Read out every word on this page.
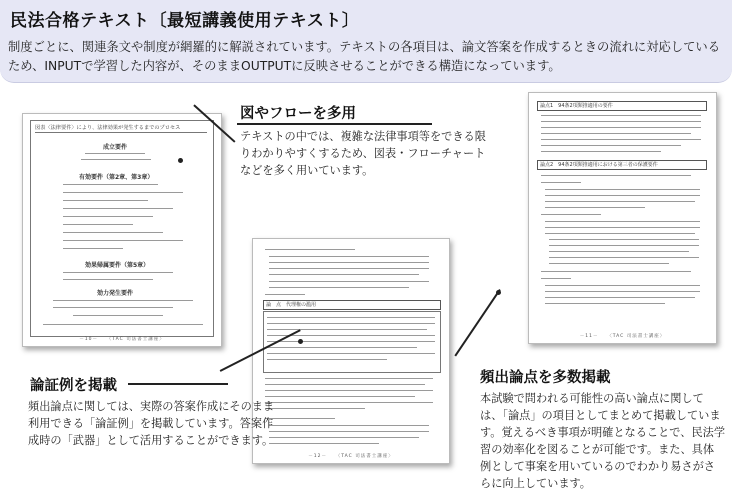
民法合格テキスト〔最短講義使用テキスト〕
制度ごとに、関連条文や制度が網羅的に解説されています。テキストの各項目は、論文答案を作成するときの流れに対応しているため、INPUTで学習した内容が、そのままOUTPUTに反映させることができる構造になっています。
図表〈法律要件〉により、法律効果が発生するまでのプロセス
成立要件
有効要件（第2章、第3章）
効果帰属要件（第5章）
効力発生要件
－10－　　〈TAC 司法書士講座〉
論点1　94条2項類推適用の要件
論点2　94条2項類推適用における第三者の保護要件
－11－　　〈TAC 司法書士講座〉
論　点　代理権の濫用
－12－　　〈TAC 司法書士講座〉
図やフローを多用
テキストの中では、複雑な法律事項等をできる限りわかりやすくするため、図表・フローチャートなどを多く用いています。
論証例を掲載
頻出論点に関しては、実際の答案作成にそのまま利用できる「論証例」を掲載しています。答案作成時の「武器」として活用することができます。
頻出論点を多数掲載
本試験で問われる可能性の高い論点に関しては、「論点」の項目としてまとめて掲載しています。覚えるべき事項が明確となることで、民法学習の効率化を図ることが可能です。また、具体例として事案を用いているのでわかり易さがさらに向上しています。
